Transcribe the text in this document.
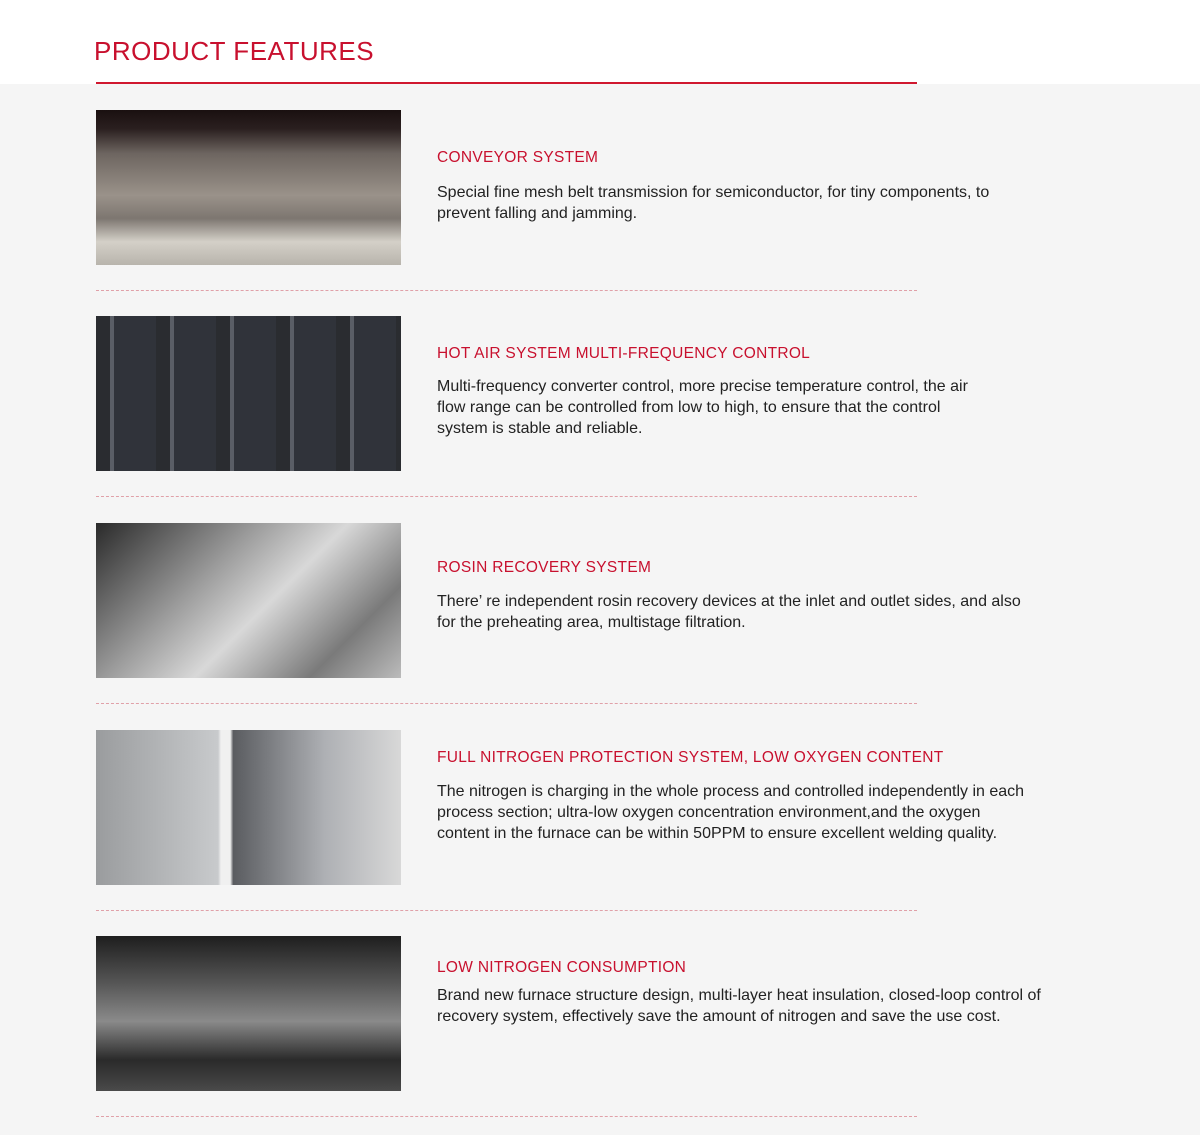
PRODUCT FEATURES
CONVEYOR SYSTEM
Special fine mesh belt transmission for semiconductor, for tiny components, to prevent falling and jamming.
HOT AIR SYSTEM MULTI-FREQUENCY CONTROL
Multi-frequency converter control, more precise temperature control, the air flow range can be controlled from low to high, to ensure that the control system is stable and reliable.
ROSIN RECOVERY SYSTEM
There’ re independent rosin recovery devices at the inlet and outlet sides, and also for the preheating area, multistage filtration.
FULL NITROGEN PROTECTION SYSTEM, LOW OXYGEN CONTENT
The nitrogen is charging in the whole process and controlled independently in each process section; ultra-low oxygen concentration environment,and the oxygen content in the furnace can be within 50PPM to ensure excellent welding quality.
LOW NITROGEN CONSUMPTION
Brand new furnace structure design, multi-layer heat insulation, closed-loop control of recovery system, effectively save the amount of nitrogen and save the use cost.
